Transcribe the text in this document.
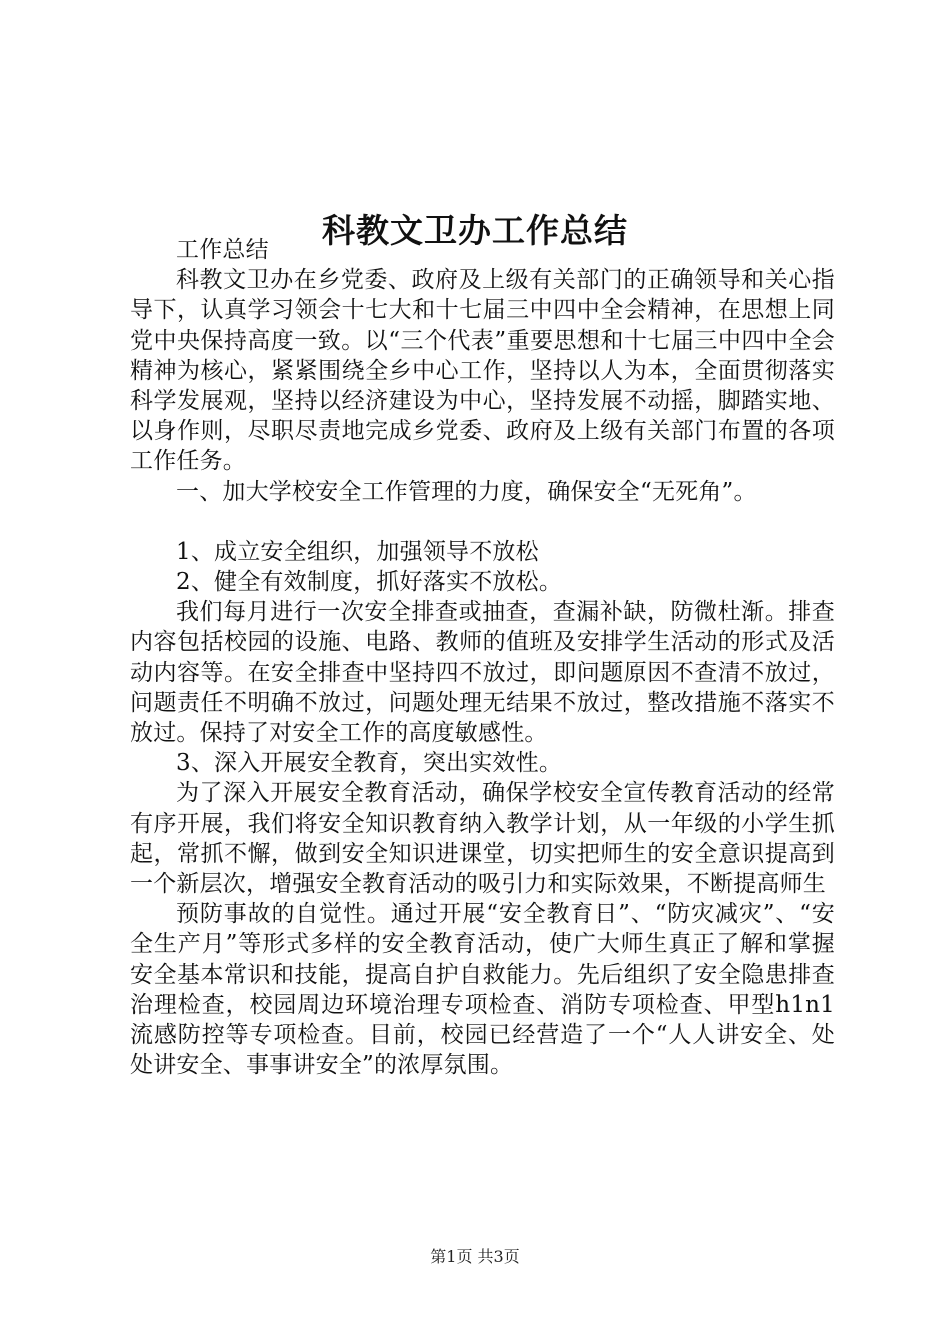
科教文卫办工作总结

工作总结

科教文卫办在乡党委、政府及上级有关部门的正确领导和关心指导下，认真学习领会十七大和十七届三中四中全会精神，在思想上同党中央保持高度一致。以“三个代表”重要思想和十七届三中四中全会精神为核心，紧紧围绕全乡中心工作，坚持以人为本，全面贯彻落实科学发展观，坚持以经济建设为中心，坚持发展不动摇，脚踏实地、以身作则，尽职尽责地完成乡党委、政府及上级有关部门布置的各项工作任务。

一、加大学校安全工作管理的力度，确保安全“无死角”。

1、成立安全组织，加强领导不放松

2、健全有效制度，抓好落实不放松。

我们每月进行一次安全排查或抽查，查漏补缺，防微杜渐。排查内容包括校园的设施、电路、教师的值班及安排学生活动的形式及活动内容等。在安全排查中坚持四不放过，即问题原因不查清不放过，问题责任不明确不放过，问题处理无结果不放过，整改措施不落实不放过。保持了对安全工作的高度敏感性。

3、深入开展安全教育，突出实效性。

为了深入开展安全教育活动，确保学校安全宣传教育活动的经常有序开展，我们将安全知识教育纳入教学计划，从一年级的小学生抓起，常抓不懈，做到安全知识进课堂，切实把师生的安全意识提高到一个新层次，增强安全教育活动的吸引力和实际效果，不断提高师生

预防事故的自觉性。通过开展“安全教育日”、“防灾减灾”、“安全生产月”等形式多样的安全教育活动，使广大师生真正了解和掌握安全基本常识和技能，提高自护自救能力。先后组织了安全隐患排查治理检查，校园周边环境治理专项检查、消防专项检查、甲型h1n1流感防控等专项检查。目前，校园已经营造了一个“人人讲安全、处处讲安全、事事讲安全”的浓厚氛围。

第1页 共3页
